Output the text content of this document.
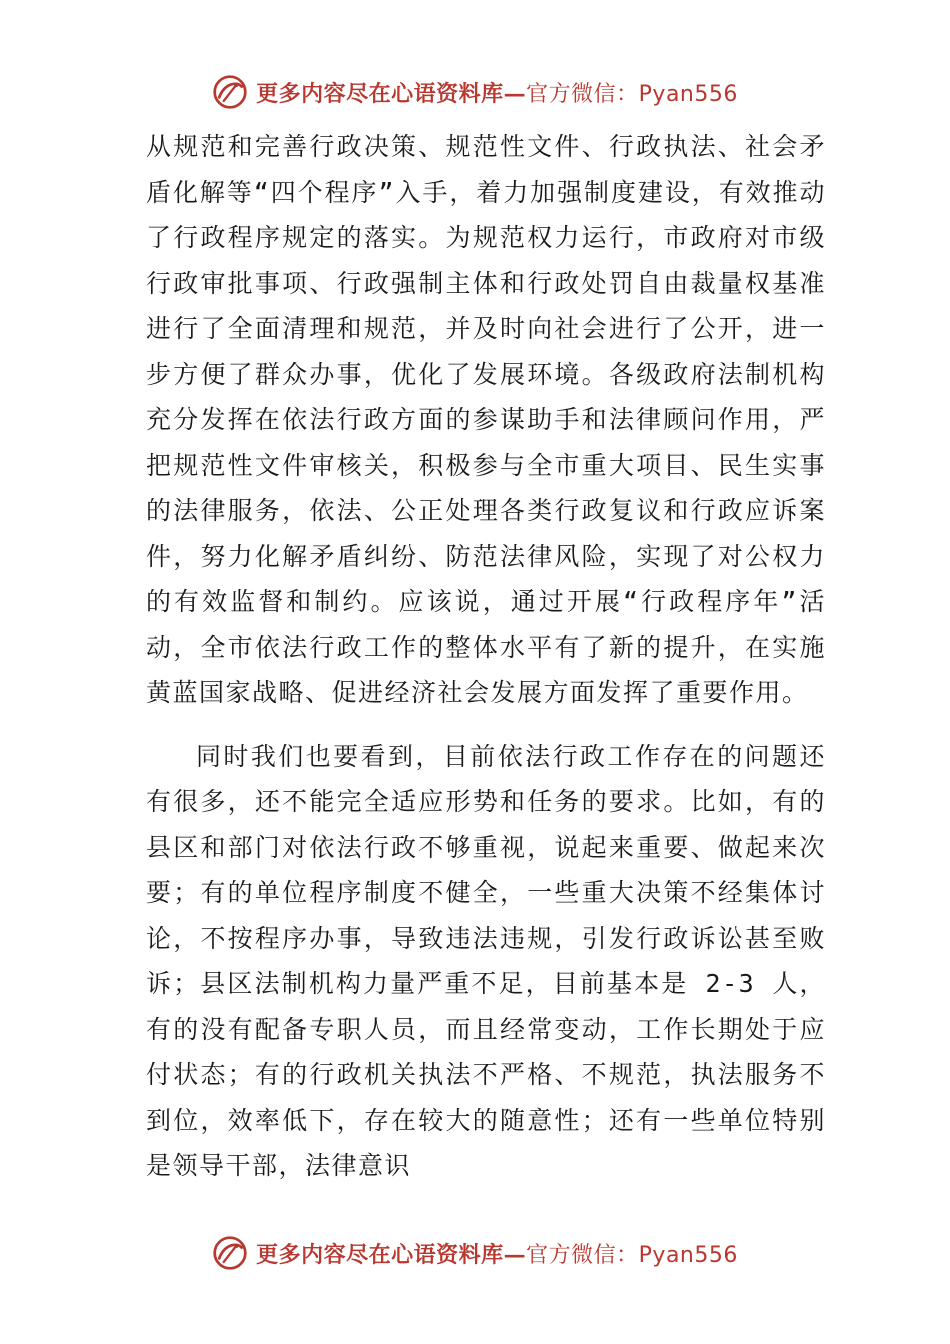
更多内容尽在心语资料库—官方微信：Pyan556

从规范和完善行政决策、规范性文件、行政执法、社会矛盾化解等“四个程序”入手，着力加强制度建设，有效推动了行政程序规定的落实。为规范权力运行，市政府对市级行政审批事项、行政强制主体和行政处罚自由裁量权基准进行了全面清理和规范，并及时向社会进行了公开，进一步方便了群众办事，优化了发展环境。各级政府法制机构充分发挥在依法行政方面的参谋助手和法律顾问作用，严把规范性文件审核关，积极参与全市重大项目、民生实事的法律服务，依法、公正处理各类行政复议和行政应诉案件，努力化解矛盾纠纷、防范法律风险，实现了对公权力的有效监督和制约。应该说，通过开展“行政程序年”活动，全市依法行政工作的整体水平有了新的提升，在实施黄蓝国家战略、促进经济社会发展方面发挥了重要作用。

同时我们也要看到，目前依法行政工作存在的问题还有很多，还不能完全适应形势和任务的要求。比如，有的县区和部门对依法行政不够重视，说起来重要、做起来次要；有的单位程序制度不健全，一些重大决策不经集体讨论，不按程序办事，导致违法违规，引发行政诉讼甚至败诉；县区法制机构力量严重不足，目前基本是 2-3 人，有的没有配备专职人员，而且经常变动，工作长期处于应付状态；有的行政机关执法不严格、不规范，执法服务不到位，效率低下，存在较大的随意性；还有一些单位特别是领导干部，法律意识

更多内容尽在心语资料库—官方微信：Pyan556
